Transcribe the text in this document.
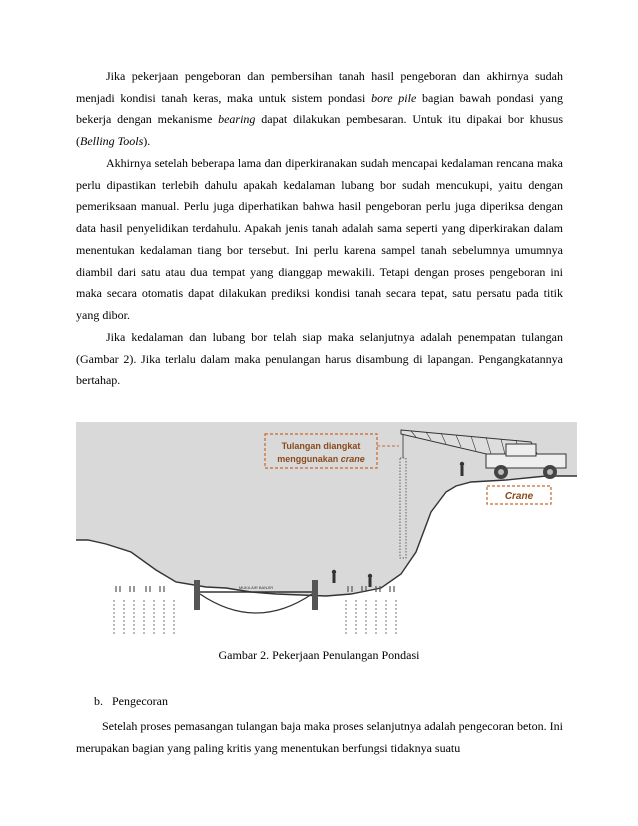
Jika pekerjaan pengeboran dan pembersihan tanah hasil pengeboran dan akhirnya sudah menjadi kondisi tanah keras, maka untuk sistem pondasi bore pile bagian bawah pondasi yang bekerja dengan mekanisme bearing dapat dilakukan pembesaran. Untuk itu dipakai bor khusus (Belling Tools).

Akhirnya setelah beberapa lama dan diperkiranakan sudah mencapai kedalaman rencana maka perlu dipastikan terlebih dahulu apakah kedalaman lubang bor sudah mencukupi, yaitu dengan pemeriksaan manual. Perlu juga diperhatikan bahwa hasil pengeboran perlu juga diperiksa dengan data hasil penyelidikan terdahulu. Apakah jenis tanah adalah sama seperti yang diperkirakan dalam menentukan kedalaman tiang bor tersebut. Ini perlu karena sampel tanah sebelumnya umumnya diambil dari satu atau dua tempat yang dianggap mewakili. Tetapi dengan proses pengeboran ini maka secara otomatis dapat dilakukan prediksi kondisi tanah secara tepat, satu persatu pada titik yang dibor.

Jika kedalaman dan lubang bor telah siap maka selanjutnya adalah penempatan tulangan (Gambar 2). Jika terlalu dalam maka penulangan harus disambung di lapangan. Pengangkatannya bertahap.

MUKA AIR BANJIR
Tulangan diangkat
menggunakan crane
Crane
Gambar 2. Pekerjaan Penulangan Pondasi
b. Pengecoran

Setelah proses pemasangan tulangan baja maka proses selanjutnya adalah pengecoran beton. Ini merupakan bagian yang paling kritis yang menentukan berfungsi tidaknya suatu
